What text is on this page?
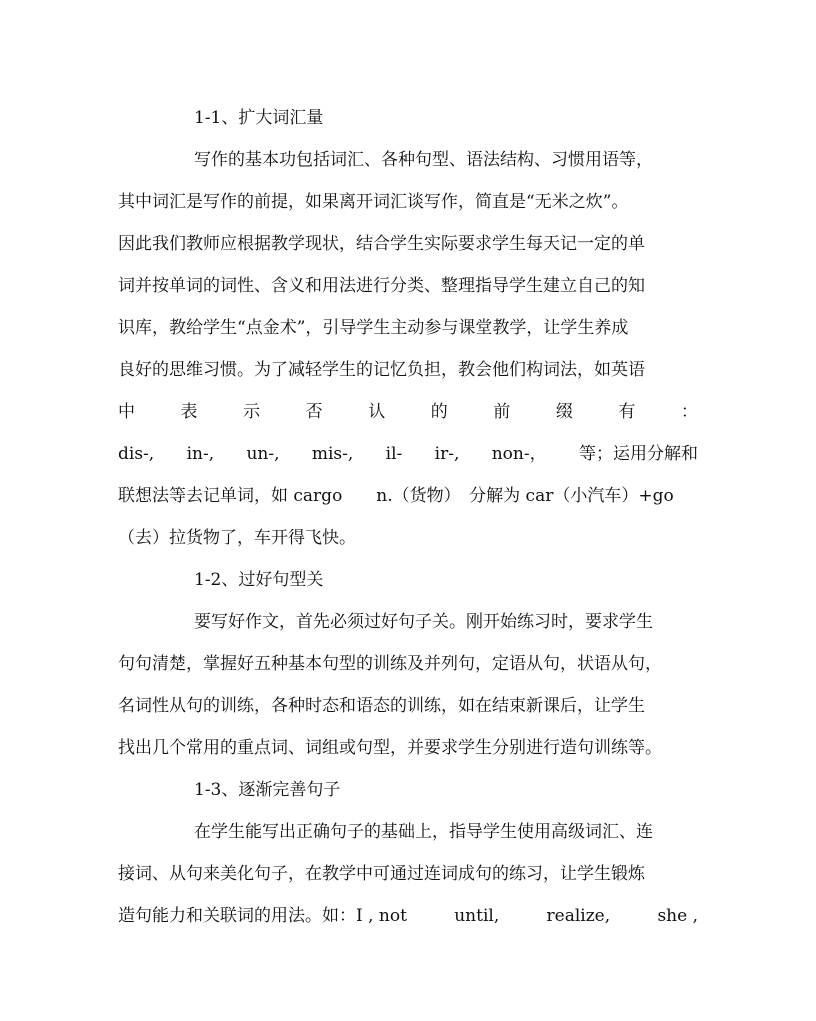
1-1、扩大词汇量
写作的基本功包括词汇、各种句型、语法结构、习惯用语等，
其中词汇是写作的前提，如果离开词汇谈写作，简直是“无米之炊”。
因此我们教师应根据教学现状，结合学生实际要求学生每天记一定的单
词并按单词的词性、含义和用法进行分类、整理指导学生建立自己的知
识库，教给学生“点金术”，引导学生主动参与课堂教学，让学生养成
良好的思维习惯。为了减轻学生的记忆负担，教会他们构词法，如英语
中	表	示	否	认	的	前	缀	有	：
dis-, in-, un-, mis-, il- ir-, non-， 等；运用分解和
联想法等去记单词，如 cargo　　n.（货物）　分解为 car（小汽车）+go
（去）拉货物了，车开得飞快。
1-2、过好句型关
要写好作文，首先必须过好句子关。刚开始练习时，要求学生
句句清楚，掌握好五种基本句型的训练及并列句，定语从句，状语从句，
名词性从句的训练，各种时态和语态的训练，如在结束新课后，让学生
找出几个常用的重点词、词组或句型，并要求学生分别进行造句训练等。
1-3、逐渐完善句子
在学生能写出正确句子的基础上，指导学生使用高级词汇、连
接词、从句来美化句子，在教学中可通过连词成句的练习，让学生锻炼
造句能力和关联词的用法。如：I , not	until,	realize,	she ,
